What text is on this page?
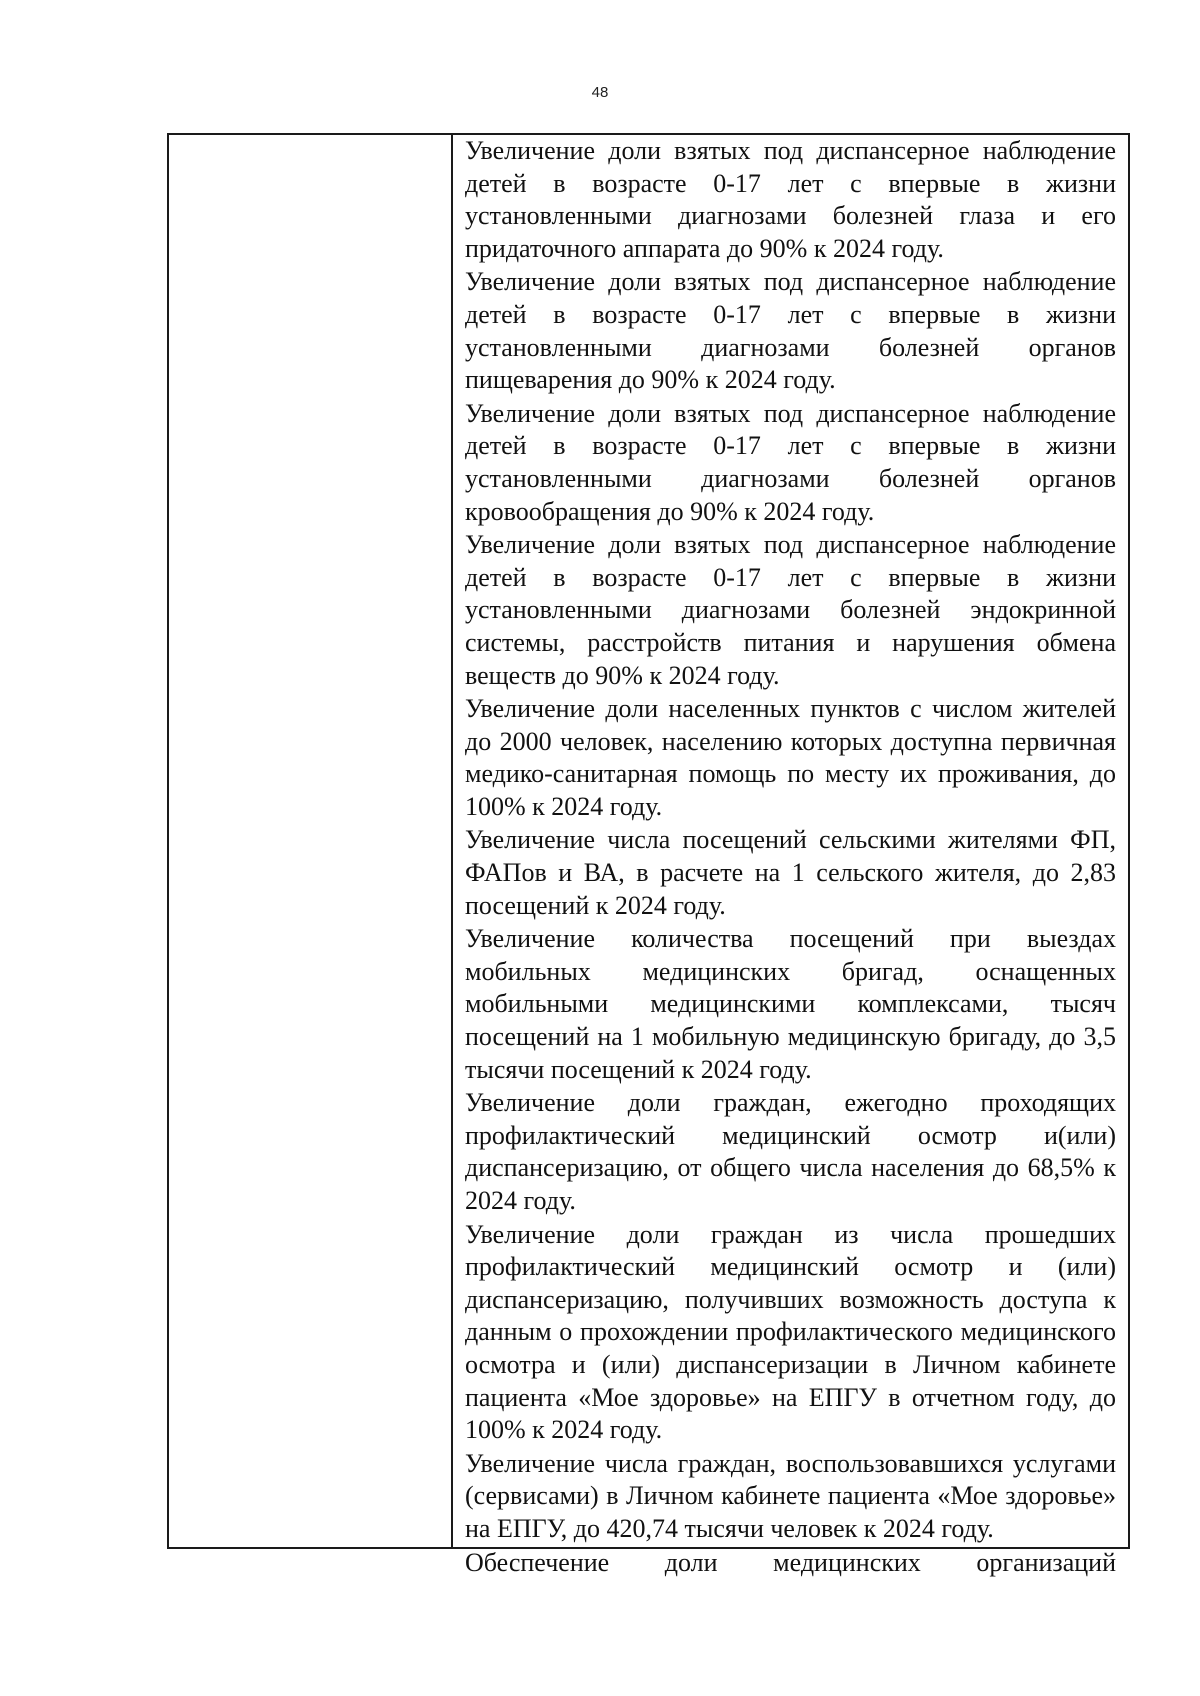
48

Увеличение доли взятых под диспансерное наблюдение детей в возрасте 0-17 лет с впервые в жизни установленными диагнозами болезней глаза и его придаточного аппарата до 90% к 2024 году.

Увеличение доли взятых под диспансерное наблюдение детей в возрасте 0-17 лет с впервые в жизни установленными диагнозами болезней органов пищеварения до 90% к 2024 году.

Увеличение доли взятых под диспансерное наблюдение детей в возрасте 0-17 лет с впервые в жизни установленными диагнозами болезней органов кровообращения до 90% к 2024 году.

Увеличение доли взятых под диспансерное наблюдение детей в возрасте 0-17 лет с впервые в жизни установленными диагнозами болезней эндокринной системы, расстройств питания и нарушения обмена веществ до 90% к 2024 году.

Увеличение доли населенных пунктов с числом жителей до 2000 человек, населению которых доступна первичная медико-санитарная помощь по месту их проживания, до 100% к 2024 году.

Увеличение числа посещений сельскими жителями ФП, ФАПов и ВА, в расчете на 1 сельского жителя, до 2,83 посещений к 2024 году.

Увеличение количества посещений при выездах мобильных медицинских бригад, оснащенных мобильными медицинскими комплексами, тысяч посещений на 1 мобильную медицинскую бригаду, до 3,5 тысячи посещений к 2024 году.

Увеличение доли граждан, ежегодно проходящих профилактический медицинский осмотр и(или) диспансеризацию, от общего числа населения до 68,5% к 2024 году.

Увеличение доли граждан из числа прошедших профилактический медицинский осмотр и (или) диспансеризацию, получивших возможность доступа к данным о прохождении профилактического медицинского осмотра и (или) диспансеризации в Личном кабинете пациента «Мое здоровье» на ЕПГУ в отчетном году, до 100% к 2024 году.

Увеличение числа граждан, воспользовавшихся услугами (сервисами) в Личном кабинете пациента «Мое здоровье» на ЕПГУ, до 420,74 тысячи человек к 2024 году.

Обеспечение доли медицинских организаций
